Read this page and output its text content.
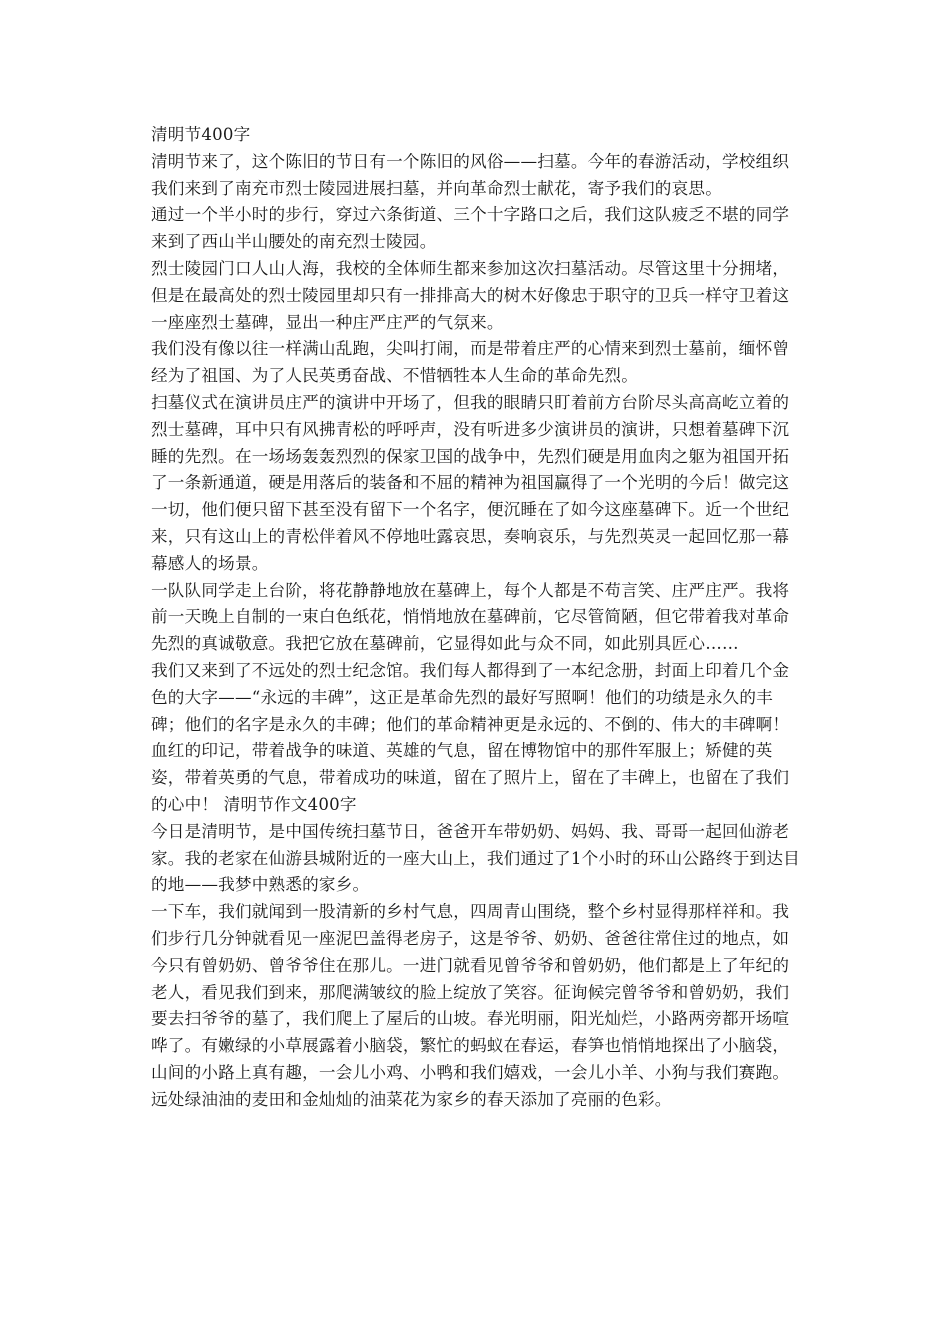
清明节400字

清明节来了，这个陈旧的节日有一个陈旧的风俗——扫墓。今年的春游活动，学校组织我们来到了南充市烈士陵园进展扫墓，并向革命烈士献花，寄予我们的哀思。

通过一个半小时的步行，穿过六条街道、三个十字路口之后，我们这队疲乏不堪的同学来到了西山半山腰处的南充烈士陵园。

烈士陵园门口人山人海，我校的全体师生都来参加这次扫墓活动。尽管这里十分拥堵，但是在最高处的烈士陵园里却只有一排排高大的树木好像忠于职守的卫兵一样守卫着这一座座烈士墓碑，显出一种庄严庄严的气氛来。

我们没有像以往一样满山乱跑，尖叫打闹，而是带着庄严的心情来到烈士墓前，缅怀曾经为了祖国、为了人民英勇奋战、不惜牺牲本人生命的革命先烈。

扫墓仪式在演讲员庄严的演讲中开场了，但我的眼睛只盯着前方台阶尽头高高屹立着的烈士墓碑，耳中只有风拂青松的呼呼声，没有听进多少演讲员的演讲，只想着墓碑下沉睡的先烈。在一场场轰轰烈烈的保家卫国的战争中，先烈们硬是用血肉之躯为祖国开拓了一条新通道，硬是用落后的装备和不屈的精神为祖国赢得了一个光明的今后！做完这一切，他们便只留下甚至没有留下一个名字，便沉睡在了如今这座墓碑下。近一个世纪来，只有这山上的青松伴着风不停地吐露哀思，奏响哀乐，与先烈英灵一起回忆那一幕幕感人的场景。

一队队同学走上台阶，将花静静地放在墓碑上，每个人都是不苟言笑、庄严庄严。我将前一天晚上自制的一束白色纸花，悄悄地放在墓碑前，它尽管简陋，但它带着我对革命先烈的真诚敬意。我把它放在墓碑前，它显得如此与众不同，如此别具匠心……

我们又来到了不远处的烈士纪念馆。我们每人都得到了一本纪念册，封面上印着几个金色的大字——“永远的丰碑”，这正是革命先烈的最好写照啊！他们的功绩是永久的丰碑；他们的名字是永久的丰碑；他们的革命精神更是永远的、不倒的、伟大的丰碑啊！

血红的印记，带着战争的味道、英雄的气息，留在博物馆中的那件军服上；矫健的英姿，带着英勇的气息，带着成功的味道，留在了照片上，留在了丰碑上，也留在了我们的心中！ 清明节作文400字

今日是清明节，是中国传统扫墓节日，爸爸开车带奶奶、妈妈、我、哥哥一起回仙游老

家。我的老家在仙游县城附近的一座大山上，我们通过了1个小时的环山公路终于到达目的地——我梦中熟悉的家乡。

一下车，我们就闻到一股清新的乡村气息，四周青山围绕，整个乡村显得那样祥和。我们步行几分钟就看见一座泥巴盖得老房子，这是爷爷、奶奶、爸爸往常住过的地点，如今只有曾奶奶、曾爷爷住在那儿。一进门就看见曾爷爷和曾奶奶，他们都是上了年纪的老人，看见我们到来，那爬满皱纹的脸上绽放了笑容。征询候完曾爷爷和曾奶奶，我们要去扫爷爷的墓了，我们爬上了屋后的山坡。春光明丽，阳光灿烂，小路两旁都开场喧哗了。有嫩绿的小草展露着小脑袋，繁忙的蚂蚁在春运，春笋也悄悄地探出了小脑袋，山间的小路上真有趣，一会儿小鸡、小鸭和我们嬉戏，一会儿小羊、小狗与我们赛跑。远处绿油油的麦田和金灿灿的油菜花为家乡的春天添加了亮丽的色彩。
